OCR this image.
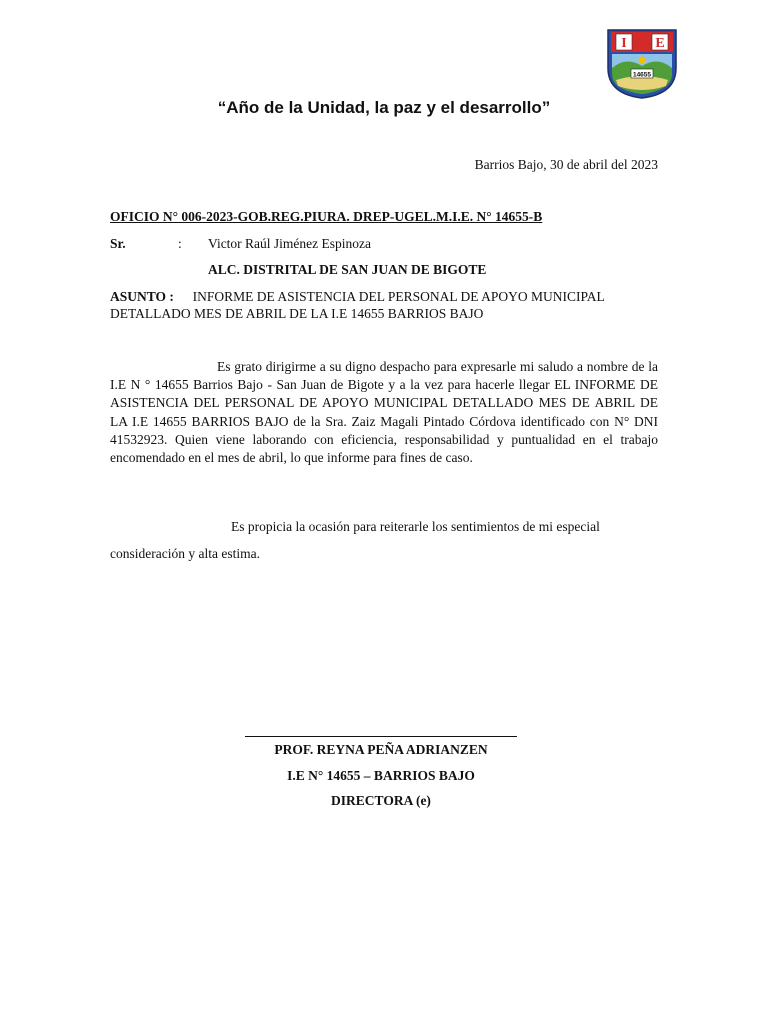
I E
14655
“Año de la Unidad, la paz y el desarrollo”
Barrios Bajo, 30 de abril del 2023
OFICIO N° 006-2023-GOB.REG.PIURA. DREP-UGEL.M.I.E. N° 14655-B
Sr.	: Victor Raúl Jiménez Espinoza
ALC. DISTRITAL DE SAN JUAN DE BIGOTE
ASUNTO : INFORME DE ASISTENCIA DEL PERSONAL DE APOYO MUNICIPAL DETALLADO MES DE ABRIL DE LA I.E 14655 BARRIOS BAJO
Es grato dirigirme a su digno despacho para expresarle mi saludo a nombre de la I.E N ° 14655 Barrios Bajo - San Juan de Bigote y a la vez para hacerle llegar EL INFORME DE ASISTENCIA DEL PERSONAL DE APOYO MUNICIPAL DETALLADO MES DE ABRIL DE LA I.E 14655 BARRIOS BAJO de la Sra. Zaiz Magali Pintado Córdova identificado con N° DNI 41532923. Quien viene laborando con eficiencia, responsabilidad y puntualidad en el trabajo encomendado en el mes de abril, lo que informe para fines de caso.
Es propicia la ocasión para reiterarle los sentimientos de mi especial
consideración y alta estima.
PROF. REYNA PEÑA ADRIANZEN
I.E N° 14655 – BARRIOS BAJO
DIRECTORA (e)
